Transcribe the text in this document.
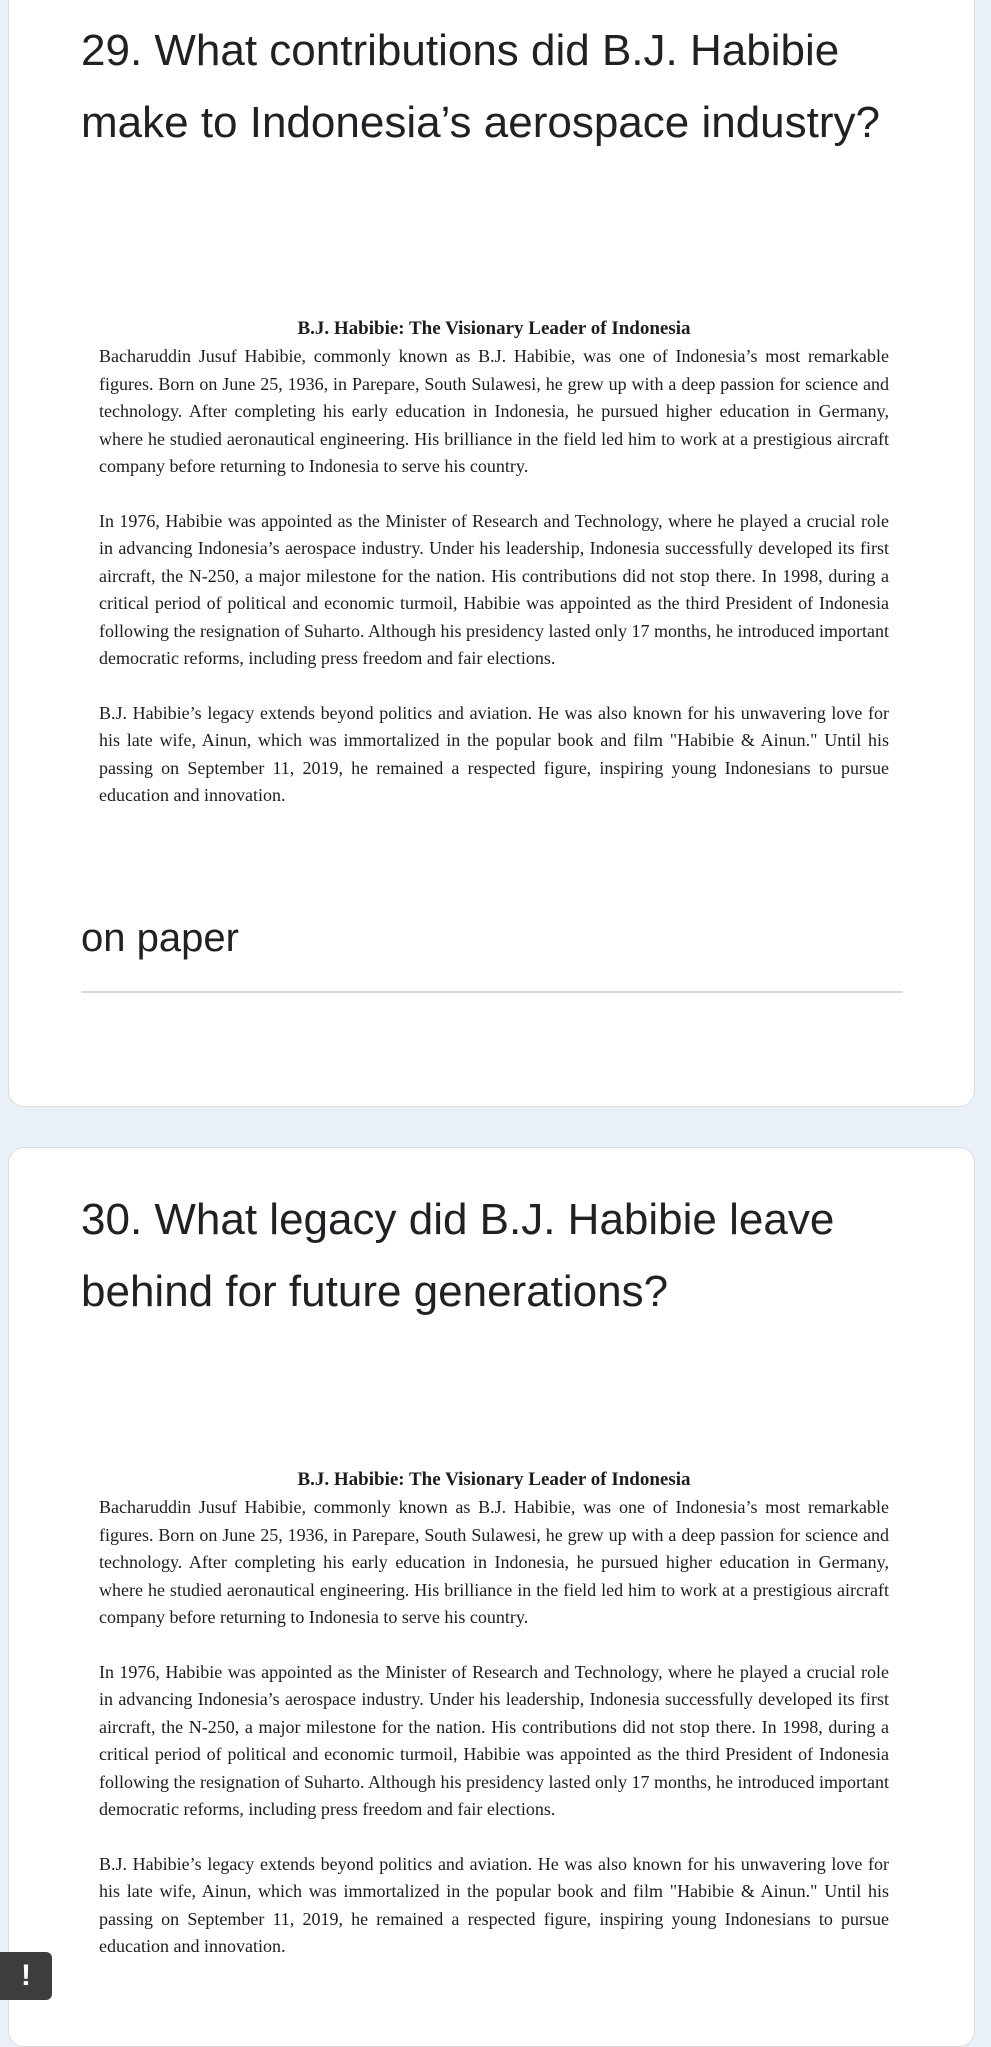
29. What contributions did B.J. Habibie make to Indonesia’s aerospace industry?
B.J. Habibie: The Visionary Leader of Indonesia

Bacharuddin Jusuf Habibie, commonly known as B.J. Habibie, was one of Indonesia’s most remarkable figures. Born on June 25, 1936, in Parepare, South Sulawesi, he grew up with a deep passion for science and technology. After completing his early education in Indonesia, he pursued higher education in Germany, where he studied aeronautical engineering. His brilliance in the field led him to work at a prestigious aircraft company before returning to Indonesia to serve his country.

In 1976, Habibie was appointed as the Minister of Research and Technology, where he played a crucial role in advancing Indonesia’s aerospace industry. Under his leadership, Indonesia successfully developed its first aircraft, the N-250, a major milestone for the nation. His contributions did not stop there. In 1998, during a critical period of political and economic turmoil, Habibie was appointed as the third President of Indonesia following the resignation of Suharto. Although his presidency lasted only 17 months, he introduced important democratic reforms, including press freedom and fair elections.

B.J. Habibie’s legacy extends beyond politics and aviation. He was also known for his unwavering love for his late wife, Ainun, which was immortalized in the popular book and film "Habibie & Ainun." Until his passing on September 11, 2019, he remained a respected figure, inspiring young Indonesians to pursue education and innovation.

on paper
30. What legacy did B.J. Habibie leave behind for future generations?
B.J. Habibie: The Visionary Leader of Indonesia

Bacharuddin Jusuf Habibie, commonly known as B.J. Habibie, was one of Indonesia’s most remarkable figures. Born on June 25, 1936, in Parepare, South Sulawesi, he grew up with a deep passion for science and technology. After completing his early education in Indonesia, he pursued higher education in Germany, where he studied aeronautical engineering. His brilliance in the field led him to work at a prestigious aircraft company before returning to Indonesia to serve his country.

In 1976, Habibie was appointed as the Minister of Research and Technology, where he played a crucial role in advancing Indonesia’s aerospace industry. Under his leadership, Indonesia successfully developed its first aircraft, the N-250, a major milestone for the nation. His contributions did not stop there. In 1998, during a critical period of political and economic turmoil, Habibie was appointed as the third President of Indonesia following the resignation of Suharto. Although his presidency lasted only 17 months, he introduced important democratic reforms, including press freedom and fair elections.

B.J. Habibie’s legacy extends beyond politics and aviation. He was also known for his unwavering love for his late wife, Ainun, which was immortalized in the popular book and film "Habibie & Ainun." Until his passing on September 11, 2019, he remained a respected figure, inspiring young Indonesians to pursue education and innovation.

!
